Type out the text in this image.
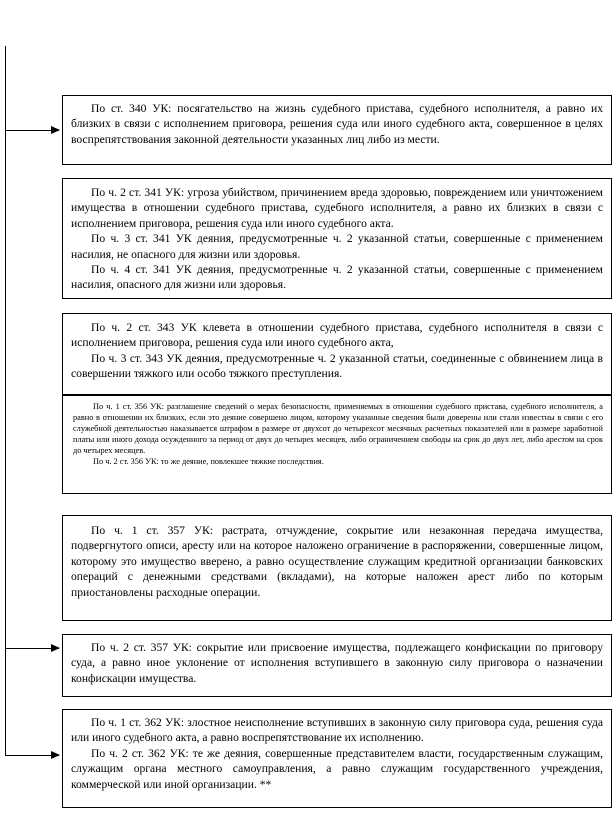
По ст. 340 УК: посягательство на жизнь судебного пристава, судебного исполнителя, а равно их близких в связи с исполнением приговора, решения суда или иного судебного акта, совершенное в целях воспрепятствования законной деятельности указанных лиц либо из мести.

По ч. 2 ст. 341 УК: угроза убийством, причинением вреда здоровью, повреждением или уничтожением имущества в отношении судебного пристава, судебного исполнителя, а равно их близких в связи с исполнением приговора, решения суда или иного судебного акта.

По ч. 3 ст. 341 УК деяния, предусмотренные ч. 2 указанной статьи, совершенные с применением насилия, не опасного для жизни или здоровья.

По ч. 4 ст. 341 УК деяния, предусмотренные ч. 2 указанной статьи, совершенные с применением насилия, опасного для жизни или здоровья.

По ч. 2 ст. 343 УК клевета в отношении судебного пристава, судебного исполнителя в связи с исполнением приговора, решения суда или иного судебного акта,

По ч. 3 ст. 343 УК деяния, предусмотренные ч. 2 указанной статьи, соединенные с обвинением лица в совершении тяжкого или особо тяжкого преступления.

По ч. 1 ст. 356 УК: разглашение сведений о мерах безопасности, применяемых в отношении судебного пристава, судебного исполнителя, а равно в отношении их близких, если это деяние совершено лицом, которому указанные сведения были доверены или стали известны в связи с его служебной деятельностью наказывается штрафом в размере от двухсот до четырехсот месячных расчетных показателей или в размере заработной платы или иного дохода осужденного за период от двух до четырех месяцев, либо ограничением свободы на срок до двух лет, либо арестом на срок до четырех месяцев.

По ч. 2 ст. 356 УК: то же деяние, повлекшее тяжкие последствия.

По ч. 1 ст. 357 УК: растрата, отчуждение, сокрытие или незаконная передача имущества, подвергнутого описи, аресту или на которое наложено ограничение в распоряжении, совершенные лицом, которому это имущество вверено, а равно осуществление служащим кредитной организации банковских операций с денежными средствами (вкладами), на которые наложен арест либо по которым приостановлены расходные операции.

По ч. 2 ст. 357 УК: сокрытие или присвоение имущества, подлежащего конфискации по приговору суда, а равно иное уклонение от исполнения вступившего в законную силу приговора о назначении конфискации имущества.

По ч. 1 ст. 362 УК: злостное неисполнение вступивших в законную силу приговора суда, решения суда или иного судебного акта, а равно воспрепятствование их исполнению.

По ч. 2 ст. 362 УК: те же деяния, совершенные представителем власти, государственным служащим, служащим органа местного самоуправления, а равно служащим государственного учреждения, коммерческой или иной организации. **
